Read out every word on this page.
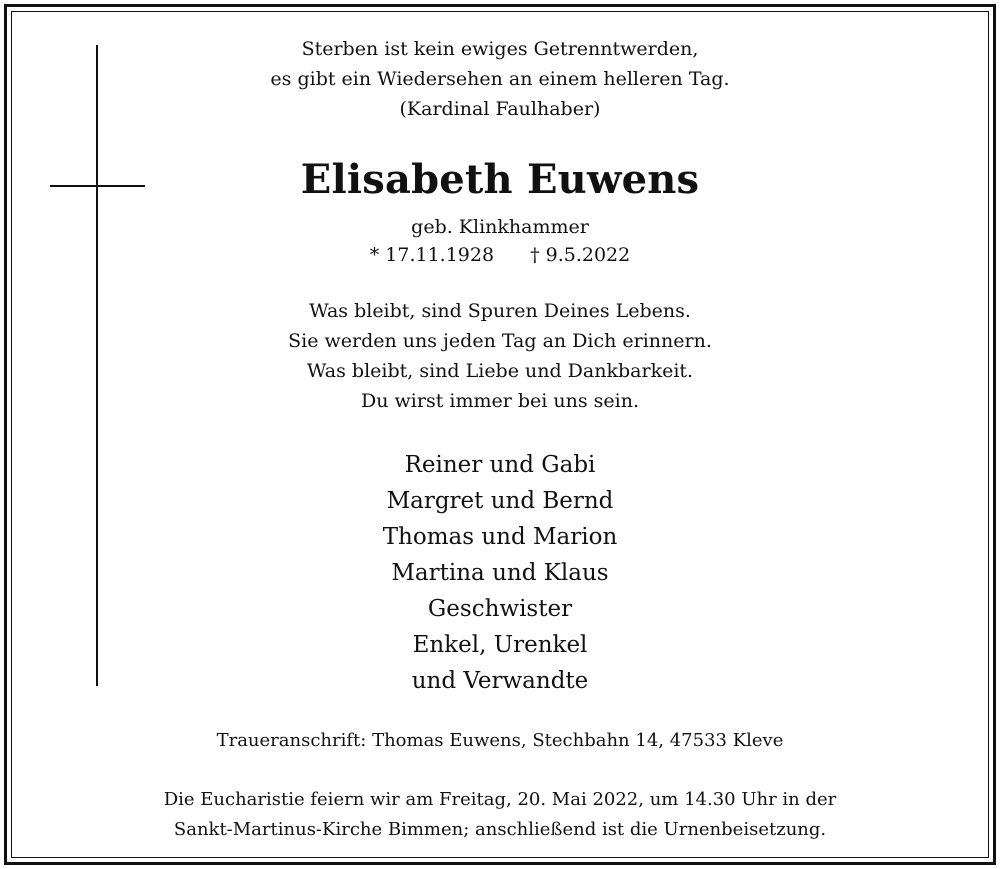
Sterben ist kein ewiges Getrenntwerden,
es gibt ein Wiedersehen an einem helleren Tag.
(Kardinal Faulhaber)
Elisabeth Euwens
geb. Klinkhammer
* 17.11.1928 † 9.5.2022
Was bleibt, sind Spuren Deines Lebens.
Sie werden uns jeden Tag an Dich erinnern.
Was bleibt, sind Liebe und Dankbarkeit.
Du wirst immer bei uns sein.
Reiner und Gabi
Margret und Bernd
Thomas und Marion
Martina und Klaus
Geschwister
Enkel, Urenkel
und Verwandte
Traueranschrift: Thomas Euwens, Stechbahn 14, 47533 Kleve
Die Eucharistie feiern wir am Freitag, 20. Mai 2022, um 14.30 Uhr in der
Sankt-Martinus-Kirche Bimmen; anschließend ist die Urnenbeisetzung.
